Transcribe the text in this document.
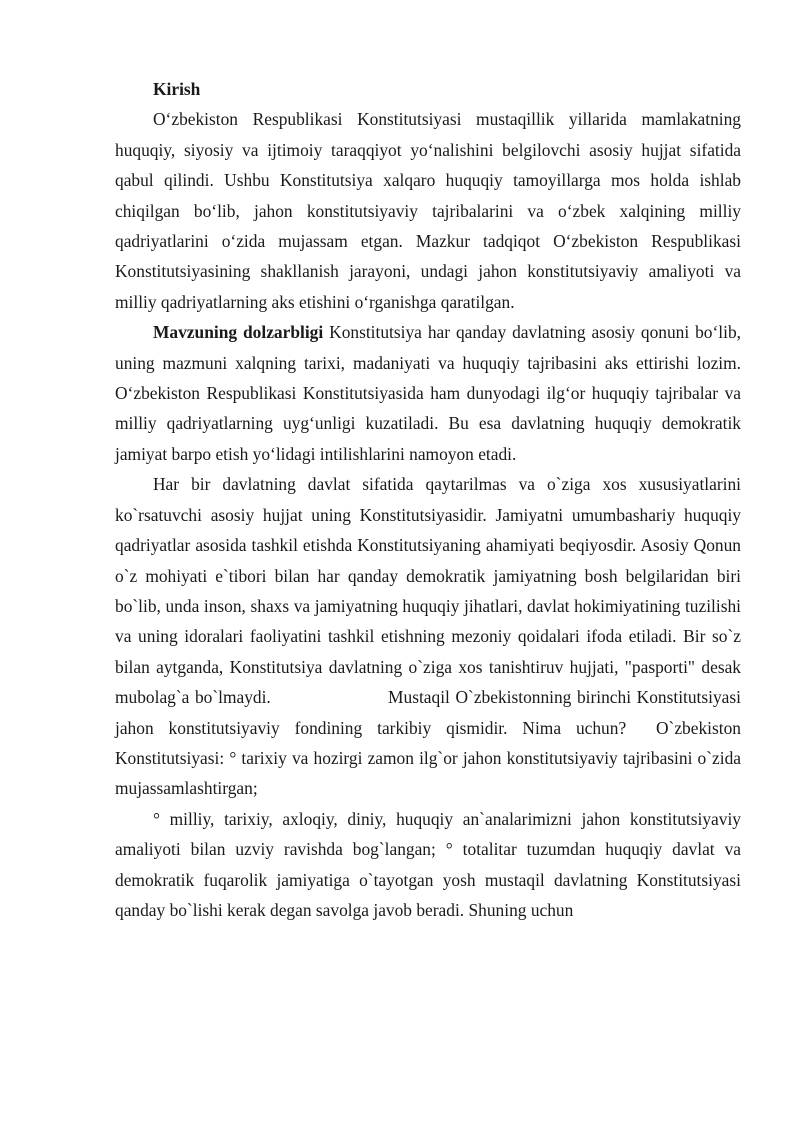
Kirish

O‘zbekiston Respublikasi Konstitutsiyasi mustaqillik yillarida mamlakatning huquqiy, siyosiy va ijtimoiy taraqqiyot yo‘nalishini belgilovchi asosiy hujjat sifatida qabul qilindi. Ushbu Konstitutsiya xalqaro huquqiy tamoyillarga mos holda ishlab chiqilgan bo‘lib, jahon konstitutsiyaviy tajribalarini va o‘zbek xalqining milliy qadriyatlarini o‘zida mujassam etgan. Mazkur tadqiqot O‘zbekiston Respublikasi Konstitutsiyasining shakllanish jarayoni, undagi jahon konstitutsiyaviy amaliyoti va milliy qadriyatlarning aks etishini o‘rganishga qaratilgan.

Mavzuning dolzarbligi Konstitutsiya har qanday davlatning asosiy qonuni bo‘lib, uning mazmuni xalqning tarixi, madaniyati va huquqiy tajribasini aks ettirishi lozim. O‘zbekiston Respublikasi Konstitutsiyasida ham dunyodagi ilg‘or huquqiy tajribalar va milliy qadriyatlarning uyg‘unligi kuzatiladi. Bu esa davlatning huquqiy demokratik jamiyat barpo etish yo‘lidagi intilishlarini namoyon etadi.

Har bir davlatning davlat sifatida qaytarilmas va o`ziga xos xususiyatlarini ko`rsatuvchi asosiy hujjat uning Konstitutsiyasidir. Jamiyatni umumbashariy huquqiy qadriyatlar asosida tashkil etishda Konstitutsiyaning ahamiyati beqiyosdir. Asosiy Qonun o`z mohiyati e`tibori bilan har qanday demokratik jamiyatning bosh belgilaridan biri bo`lib, unda inson, shaxs va jamiyatning huquqiy jihatlari, davlat hokimiyatining tuzilishi va uning idoralari faoliyatini tashkil etishning mezoniy qoidalari ifoda etiladi. Bir so`z bilan aytganda, Konstitutsiya davlatning o`ziga xos tanishtiruv hujjati, "pasporti" desak mubolag`a bo`lmaydi.                     Mustaqil O`zbekistonning birinchi Konstitutsiyasi jahon konstitutsiyaviy fondining tarkibiy qismidir. Nima uchun?  O`zbekiston Konstitutsiyasi: ° tarixiy va hozirgi zamon ilg`or jahon konstitutsiyaviy tajribasini o`zida mujassamlashtirgan;

° milliy, tarixiy, axloqiy, diniy, huquqiy an`analarimizni jahon konstitutsiyaviy amaliyoti bilan uzviy ravishda bog`langan; ° totalitar tuzumdan huquqiy davlat va demokratik fuqarolik jamiyatiga o`tayotgan yosh mustaqil davlatning Konstitutsiyasi qanday bo`lishi kerak degan savolga javob beradi. Shuning uchun
